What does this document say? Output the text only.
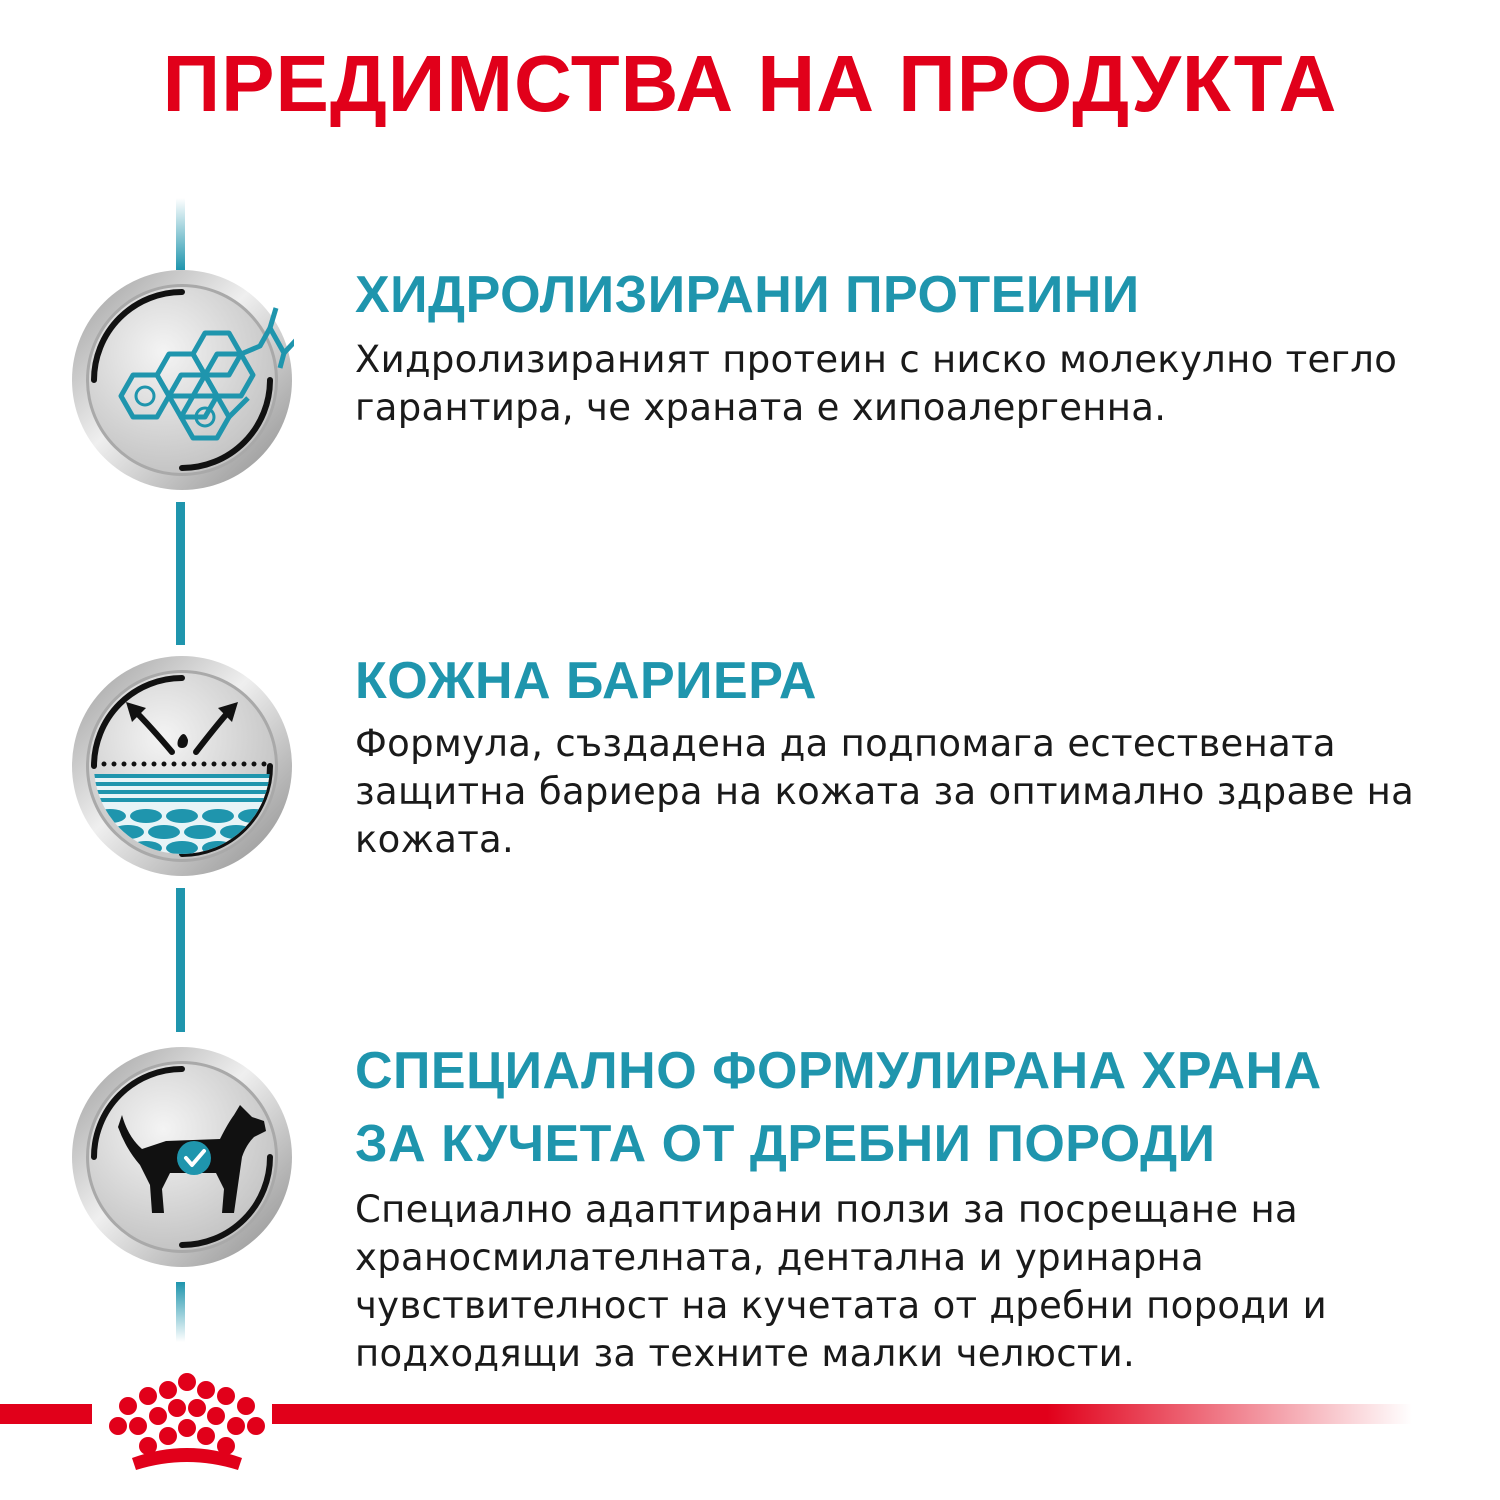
ПРЕДИМСТВА НА ПРОДУКТА
ХИДРОЛИЗИРАНИ ПРОТЕИНИ

Хидролизираният протеин с ниско молекулно тегло гарантира, че храната е хипоалергенна.

КОЖНА БАРИЕРА

Формула, създадена да подпомага естествената защитна бариера на кожата за оптимално здраве на кожата.

СПЕЦИАЛНО ФОРМУЛИРАНА ХРАНА
ЗА КУЧЕТА ОТ ДРЕБНИ ПОРОДИ

Специално адаптирани ползи за посрещане на храносмилателната, дентална и уринарна чувствителност на кучетата от дребни породи и подходящи за техните малки челюсти.
